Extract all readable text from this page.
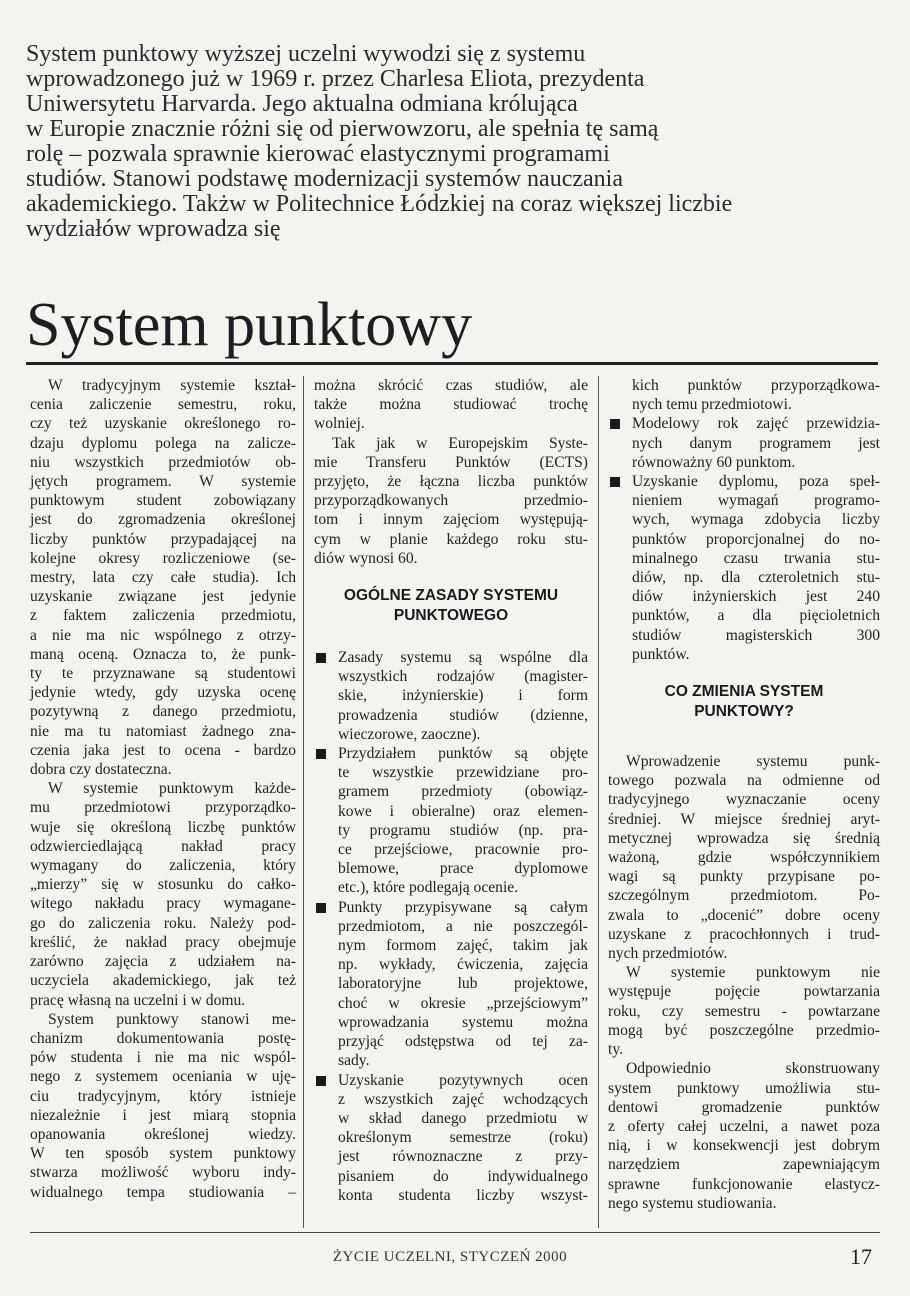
System punktowy wyższej uczelni wywodzi się z systemu
wprowadzonego już w 1969 r. przez Charlesa Eliota, prezydenta
Uniwersytetu Harvarda. Jego aktualna odmiana królująca
w Europie znacznie różni się od pierwowzoru, ale spełnia tę samą
rolę – pozwala sprawnie kierować elastycznymi programami
studiów. Stanowi podstawę modernizacji systemów nauczania
akademickiego. Takżw w Politechnice Łódzkiej na coraz większej liczbie
wydziałów wprowadza się
System punktowy
W tradycyjnym systemie kształ-
cenia zaliczenie semestru, roku,
czy też uzyskanie określonego ro-
dzaju dyplomu polega na zalicze-
niu wszystkich przedmiotów ob-
jętych programem. W systemie
punktowym student zobowiązany
jest do zgromadzenia określonej
liczby punktów przypadającej na
kolejne okresy rozliczeniowe (se-
mestry, lata czy całe studia). Ich
uzyskanie związane jest jedynie
z faktem zaliczenia przedmiotu,
a nie ma nic wspólnego z otrzy-
maną oceną. Oznacza to, że punk-
ty te przyznawane są studentowi
jedynie wtedy, gdy uzyska ocenę
pozytywną z danego przedmiotu,
nie ma tu natomiast żadnego zna-
czenia jaka jest to ocena - bardzo
dobra czy dostateczna.
W systemie punktowym każde-
mu przedmiotowi przyporządko-
wuje się określoną liczbę punktów
odzwierciedlającą nakład pracy
wymagany do zaliczenia, który
„mierzy” się w stosunku do całko-
witego nakładu pracy wymagane-
go do zaliczenia roku. Należy pod-
kreślić, że nakład pracy obejmuje
zarówno zajęcia z udziałem na-
uczyciela akademickiego, jak też
pracę własną na uczelni i w domu.
System punktowy stanowi me-
chanizm dokumentowania postę-
pów studenta i nie ma nic wspól-
nego z systemem oceniania w uję-
ciu tradycyjnym, który istnieje
niezależnie i jest miarą stopnia
opanowania określonej wiedzy.
W ten sposób system punktowy
stwarza możliwość wyboru indy-
widualnego tempa studiowania –
można skrócić czas studiów, ale
także można studiować trochę
wolniej.
Tak jak w Europejskim Syste-
mie Transferu Punktów (ECTS)
przyjęto, że łączna liczba punktów
przyporządkowanych przedmio-
tom i innym zajęciom występują-
cym w planie każdego roku stu-
diów wynosi 60.
OGÓLNE ZASADY SYSTEMU
PUNKTOWEGO
Zasady systemu są wspólne dla
wszystkich rodzajów (magister-
skie, inżynierskie) i form
prowadzenia studiów (dzienne,
wieczorowe, zaoczne).
Przydziałem punktów są objęte
te wszystkie przewidziane pro-
gramem przedmioty (obowiąz-
kowe i obieralne) oraz elemen-
ty programu studiów (np. pra-
ce przejściowe, pracownie pro-
blemowe, prace dyplomowe
etc.), które podlegają ocenie.
Punkty przypisywane są całym
przedmiotom, a nie poszczegól-
nym formom zajęć, takim jak
np. wykłady, ćwiczenia, zajęcia
laboratoryjne lub projektowe,
choć w okresie „przejściowym”
wprowadzania systemu można
przyjąć odstępstwa od tej za-
sady.
Uzyskanie pozytywnych ocen
z wszystkich zajęć wchodzących
w skład danego przedmiotu w
określonym semestrze (roku)
jest równoznaczne z przy-
pisaniem do indywidualnego
konta studenta liczby wszyst-
kich punktów przyporządkowa-
nych temu przedmiotowi.
Modelowy rok zajęć przewidzia-
nych danym programem jest
równoważny 60 punktom.
Uzyskanie dyplomu, poza speł-
nieniem wymagań programo-
wych, wymaga zdobycia liczby
punktów proporcjonalnej do no-
minalnego czasu trwania stu-
diów, np. dla czteroletnich stu-
diów inżynierskich jest 240
punktów, a dla pięcioletnich
studiów magisterskich 300
punktów.
CO ZMIENIA SYSTEM
PUNKTOWY?
Wprowadzenie systemu punk-
towego pozwala na odmienne od
tradycyjnego wyznaczanie oceny
średniej. W miejsce średniej aryt-
metycznej wprowadza się średnią
ważoną, gdzie współczynnikiem
wagi są punkty przypisane po-
szczególnym przedmiotom. Po-
zwala to „docenić” dobre oceny
uzyskane z pracochłonnych i trud-
nych przedmiotów.
W systemie punktowym nie
występuje pojęcie powtarzania
roku, czy semestru - powtarzane
mogą być poszczególne przedmio-
ty.
Odpowiednio skonstruowany
system punktowy umożliwia stu-
dentowi gromadzenie punktów
z oferty całej uczelni, a nawet poza
nią, i w konsekwencji jest dobrym
narzędziem zapewniającym
sprawne funkcjonowanie elastycz-
nego systemu studiowania.
ŻYCIE UCZELNI, STYCZEŃ 2000	17
